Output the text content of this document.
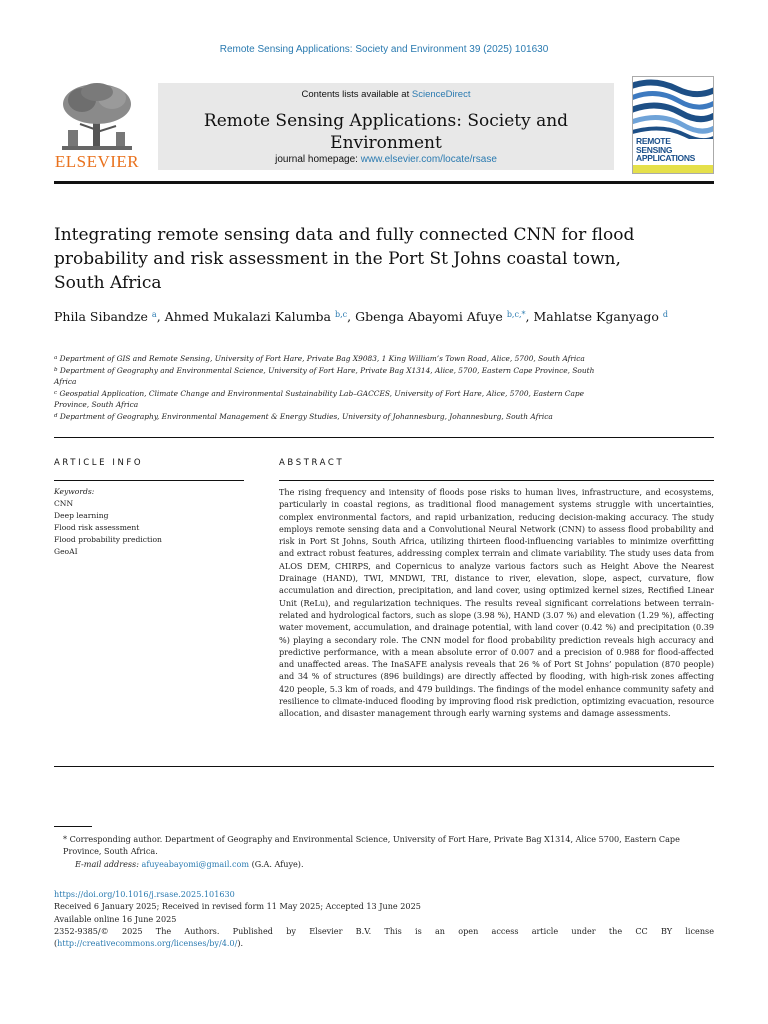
Remote Sensing Applications: Society and Environment 39 (2025) 101630
ELSEVIER
Contents lists available at ScienceDirect
Remote Sensing Applications: Society and Environment
journal homepage: www.elsevier.com/locate/rsase
REMOTE
SENSING
APPLICATIONS
Integrating remote sensing data and fully connected CNN for flood probability and risk assessment in the Port St Johns coastal town, South Africa
Phila Sibandze $^a$, Ahmed Mukalazi Kalumba $^{b,c}$, Gbenga Abayomi Afuye $^{b,c,*}$, Mahlatse Kganyago $^d$
$^a$ Department of GIS and Remote Sensing, University of Fort Hare, Private Bag X9083, 1 King William’s Town Road, Alice, 5700, South Africa
$^b$ Department of Geography and Environmental Science, University of Fort Hare, Private Bag X1314, Alice, 5700, Eastern Cape Province, South Africa
$^c$ Geospatial Application, Climate Change and Environmental Sustainability Lab–GACCES, University of Fort Hare, Alice, 5700, Eastern Cape Province, South Africa
$^d$ Department of Geography, Environmental Management & Energy Studies, University of Johannesburg, Johannesburg, South Africa
ARTICLE INFO	ABSTRACT
Keywords:
CNN
Deep learning
Flood risk assessment
Flood probability prediction
GeoAI
The rising frequency and intensity of floods pose risks to human lives, infrastructure, and ecosystems, particularly in coastal regions, as traditional flood management systems struggle with uncertainties, complex environmental factors, and rapid urbanization, reducing decision-making accuracy. The study employs remote sensing data and a Convolutional Neural Network (CNN) to assess flood probability and risk in Port St Johns, South Africa, utilizing thirteen flood-influencing variables to minimize overfitting and extract robust features, addressing complex terrain and climate variability. The study uses data from ALOS DEM, CHIRPS, and Copernicus to analyze various factors such as Height Above the Nearest Drainage (HAND), TWI, MNDWI, TRI, distance to river, elevation, slope, aspect, curvature, flow accumulation and direction, precipitation, and land cover, using optimized kernel sizes, Rectified Linear Unit (ReLu), and regularization techniques. The results reveal significant correlations between terrain-related and hydrological factors, such as slope (3.98 %), HAND (3.07 %) and elevation (1.29 %), affecting water movement, accumulation, and drainage potential, with land cover (0.42 %) and precipitation (0.39 %) playing a secondary role. The CNN model for flood probability prediction reveals high accuracy and predictive performance, with a mean absolute error of 0.007 and a precision of 0.988 for flood-affected and unaffected areas. The InaSAFE analysis reveals that 26 % of Port St Johns’ population (870 people) and 34 % of structures (896 buildings) are directly affected by flooding, with high-risk zones affecting 420 people, 5.3 km of roads, and 479 buildings. The findings of the model enhance community safety and resilience to climate-induced flooding by improving flood risk prediction, optimizing evacuation, resource allocation, and disaster management through early warning systems and damage assessments.
* Corresponding author. Department of Geography and Environmental Science, University of Fort Hare, Private Bag X1314, Alice 5700, Eastern Cape Province, South Africa.
E-mail address: afuyeabayomi@gmail.com (G.A. Afuye).
https://doi.org/10.1016/j.rsase.2025.101630
Received 6 January 2025; Received in revised form 11 May 2025; Accepted 13 June 2025
Available online 16 June 2025
2352-9385/© 2025 The Authors. Published by Elsevier B.V. This is an open access article under the CC BY license
(http://creativecommons.org/licenses/by/4.0/).
